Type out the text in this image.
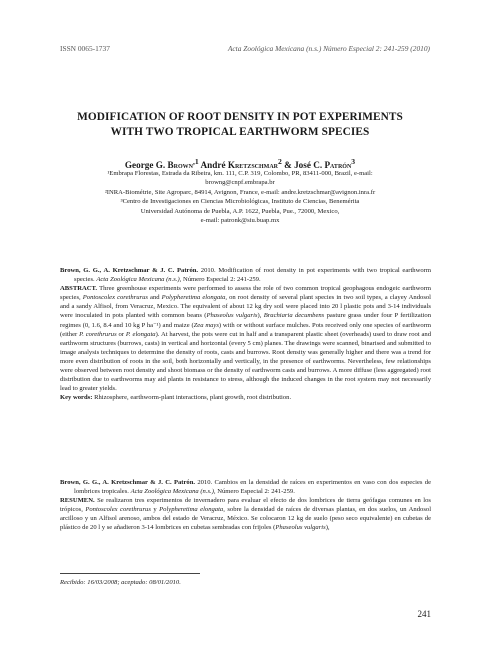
ISSN 0065-1737	Acta Zoológica Mexicana (n.s.) Número Especial 2: 241-259 (2010)
MODIFICATION OF ROOT DENSITY IN POT EXPERIMENTS
WITH TWO TROPICAL EARTHWORM SPECIES
George G. Brown$^{,1}$ André Kretzschmar$^2$ & José C. Patrón$^3$
¹Embrapa Florestas, Estrada da Ribeira, km. 111, C.P. 319, Colombo, PR, 83411-000, Brazil, e-mail:
browng@cnpf.embrapa.br
²INRA-Biométrie, Site Agroparc, 84914, Avignon, France, e-mail: andre.kretzschmar@avignon.inra.fr
³Centro de Investigaciones en Ciencias Microbiológicas, Instituto de Ciencias, Benemérita
Universidad Autónoma de Puebla, A.P. 1622, Puebla, Pue., 72000, Mexico,
e-mail: patronk@siu.buap.mx

Brown, G. G., A. Kretzschmar & J. C. Patrón. 2010. Modification of root density in pot experiments with two tropical earthworm species. Acta Zoológica Mexicana (n.s.), Número Especial 2: 241-259.

ABSTRACT. Three greenhouse experiments were performed to assess the role of two common tropical geophagous endogeic earthworm species, Pontoscolex corethrurus and Polypheretima elongata, on root density of several plant species in two soil types, a clayey Andosol and a sandy Alfisol, from Veracruz, Mexico. The equivalent of about 12 kg dry soil were placed into 20 l plastic pots and 3-14 individuals were inoculated in pots planted with common beans (Phaseolus vulgaris), Brachiaria decumbens pasture grass under four P fertilization regimes (0, 1.6, 8.4 and 10 kg P ha⁻¹) and maize (Zea mays) with or without surface mulches. Pots received only one species of earthworm (either P. corethrurus or P. elongata). At harvest, the pots were cut in half and a transparent plastic sheet (overheads) used to draw root and earthworm structures (burrows, casts) in vertical and horizontal (every 5 cm) planes. The drawings were scanned, binarised and submitted to image analysis techniques to determine the density of roots, casts and burrows. Root density was generally higher and there was a trend for more even distribution of roots in the soil, both horizontally and vertically, in the presence of earthworms. Nevertheless, few relationships were observed between root density and shoot biomass or the density of earthworm casts and burrows. A more diffuse (less aggregated) root distribution due to earthworms may aid plants in resistance to stress, although the induced changes in the root system may not necessarily lead to greater yields.

Key words: Rhizosphere, earthworm-plant interactions, plant growth, root distribution.

Brown, G. G., A. Kretzschmar & J. C. Patrón. 2010. Cambios en la densidad de raíces en experimentos en vaso con dos especies de lombrices tropicales. Acta Zoológica Mexicana (n.s.), Número Especial 2: 241-259.

RESUMEN. Se realizaron tres experimentos de invernadero para evaluar el efecto de dos lombrices de tierra geófagas comunes en los trópicos, Pontoscolex corethrurus y Polypheretima elongata, sobre la densidad de raíces de diversas plantas, en dos suelos, un Andosol arcilloso y un Alfisol arenoso, ambos del estado de Veracruz, México. Se colocaron 12 kg de suelo (peso seco equivalente) en cubetas de plástico de 20 l y se añadieron 3-14 lombrices en cubetas sembradas con frijoles (Phaseolus vulgaris),

Recibido: 16/03/2008; aceptado: 08/01/2010.
241
